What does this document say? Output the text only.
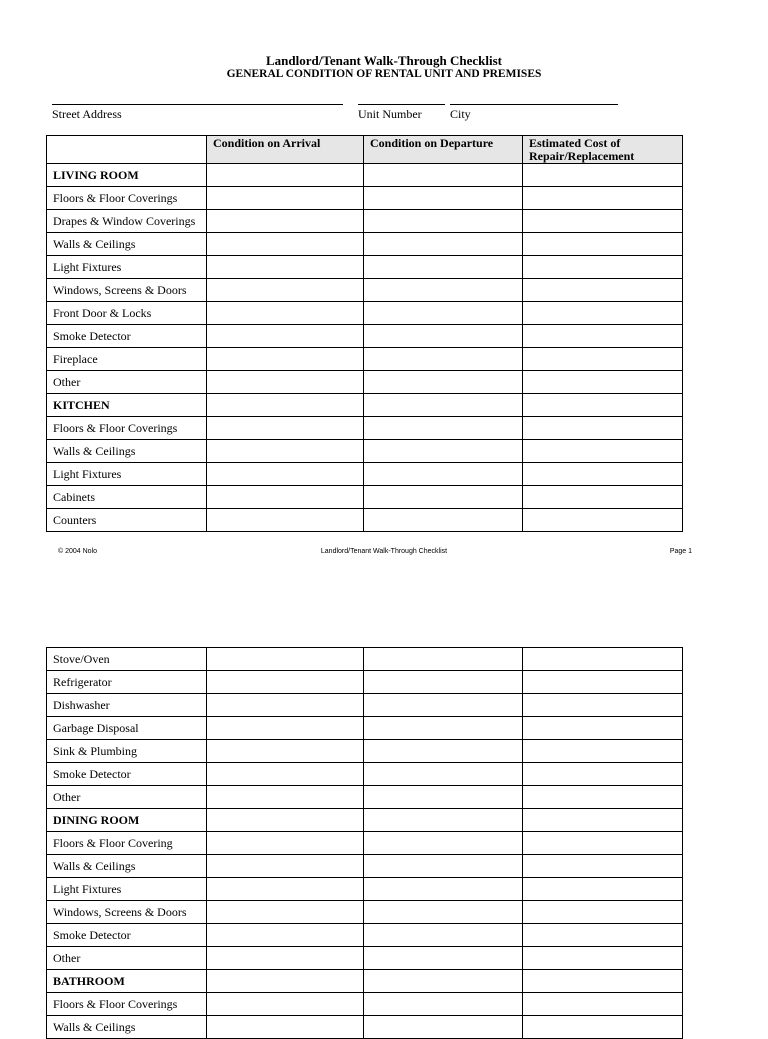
Landlord/Tenant Walk-Through Checklist
GENERAL CONDITION OF RENTAL UNIT AND PREMISES
Street Address	Unit Number City
	Condition on Arrival	Condition on Departure	Estimated Cost of Repair/Replacement
LIVING ROOM			
Floors & Floor Coverings			
Drapes & Window Coverings			
Walls & Ceilings			
Light Fixtures			
Windows, Screens & Doors			
Front Door & Locks			
Smoke Detector			
Fireplace			
Other			
KITCHEN			
Floors & Floor Coverings			
Walls & Ceilings			
Light Fixtures			
Cabinets			
Counters			
© 2004 Nolo	Landlord/Tenant Walk-Through Checklist	Page 1
Stove/Oven			
Refrigerator			
Dishwasher			
Garbage Disposal			
Sink & Plumbing			
Smoke Detector			
Other			
DINING ROOM			
Floors & Floor Covering			
Walls & Ceilings			
Light Fixtures			
Windows, Screens & Doors			
Smoke Detector			
Other			
BATHROOM			
Floors & Floor Coverings			
Walls & Ceilings			
